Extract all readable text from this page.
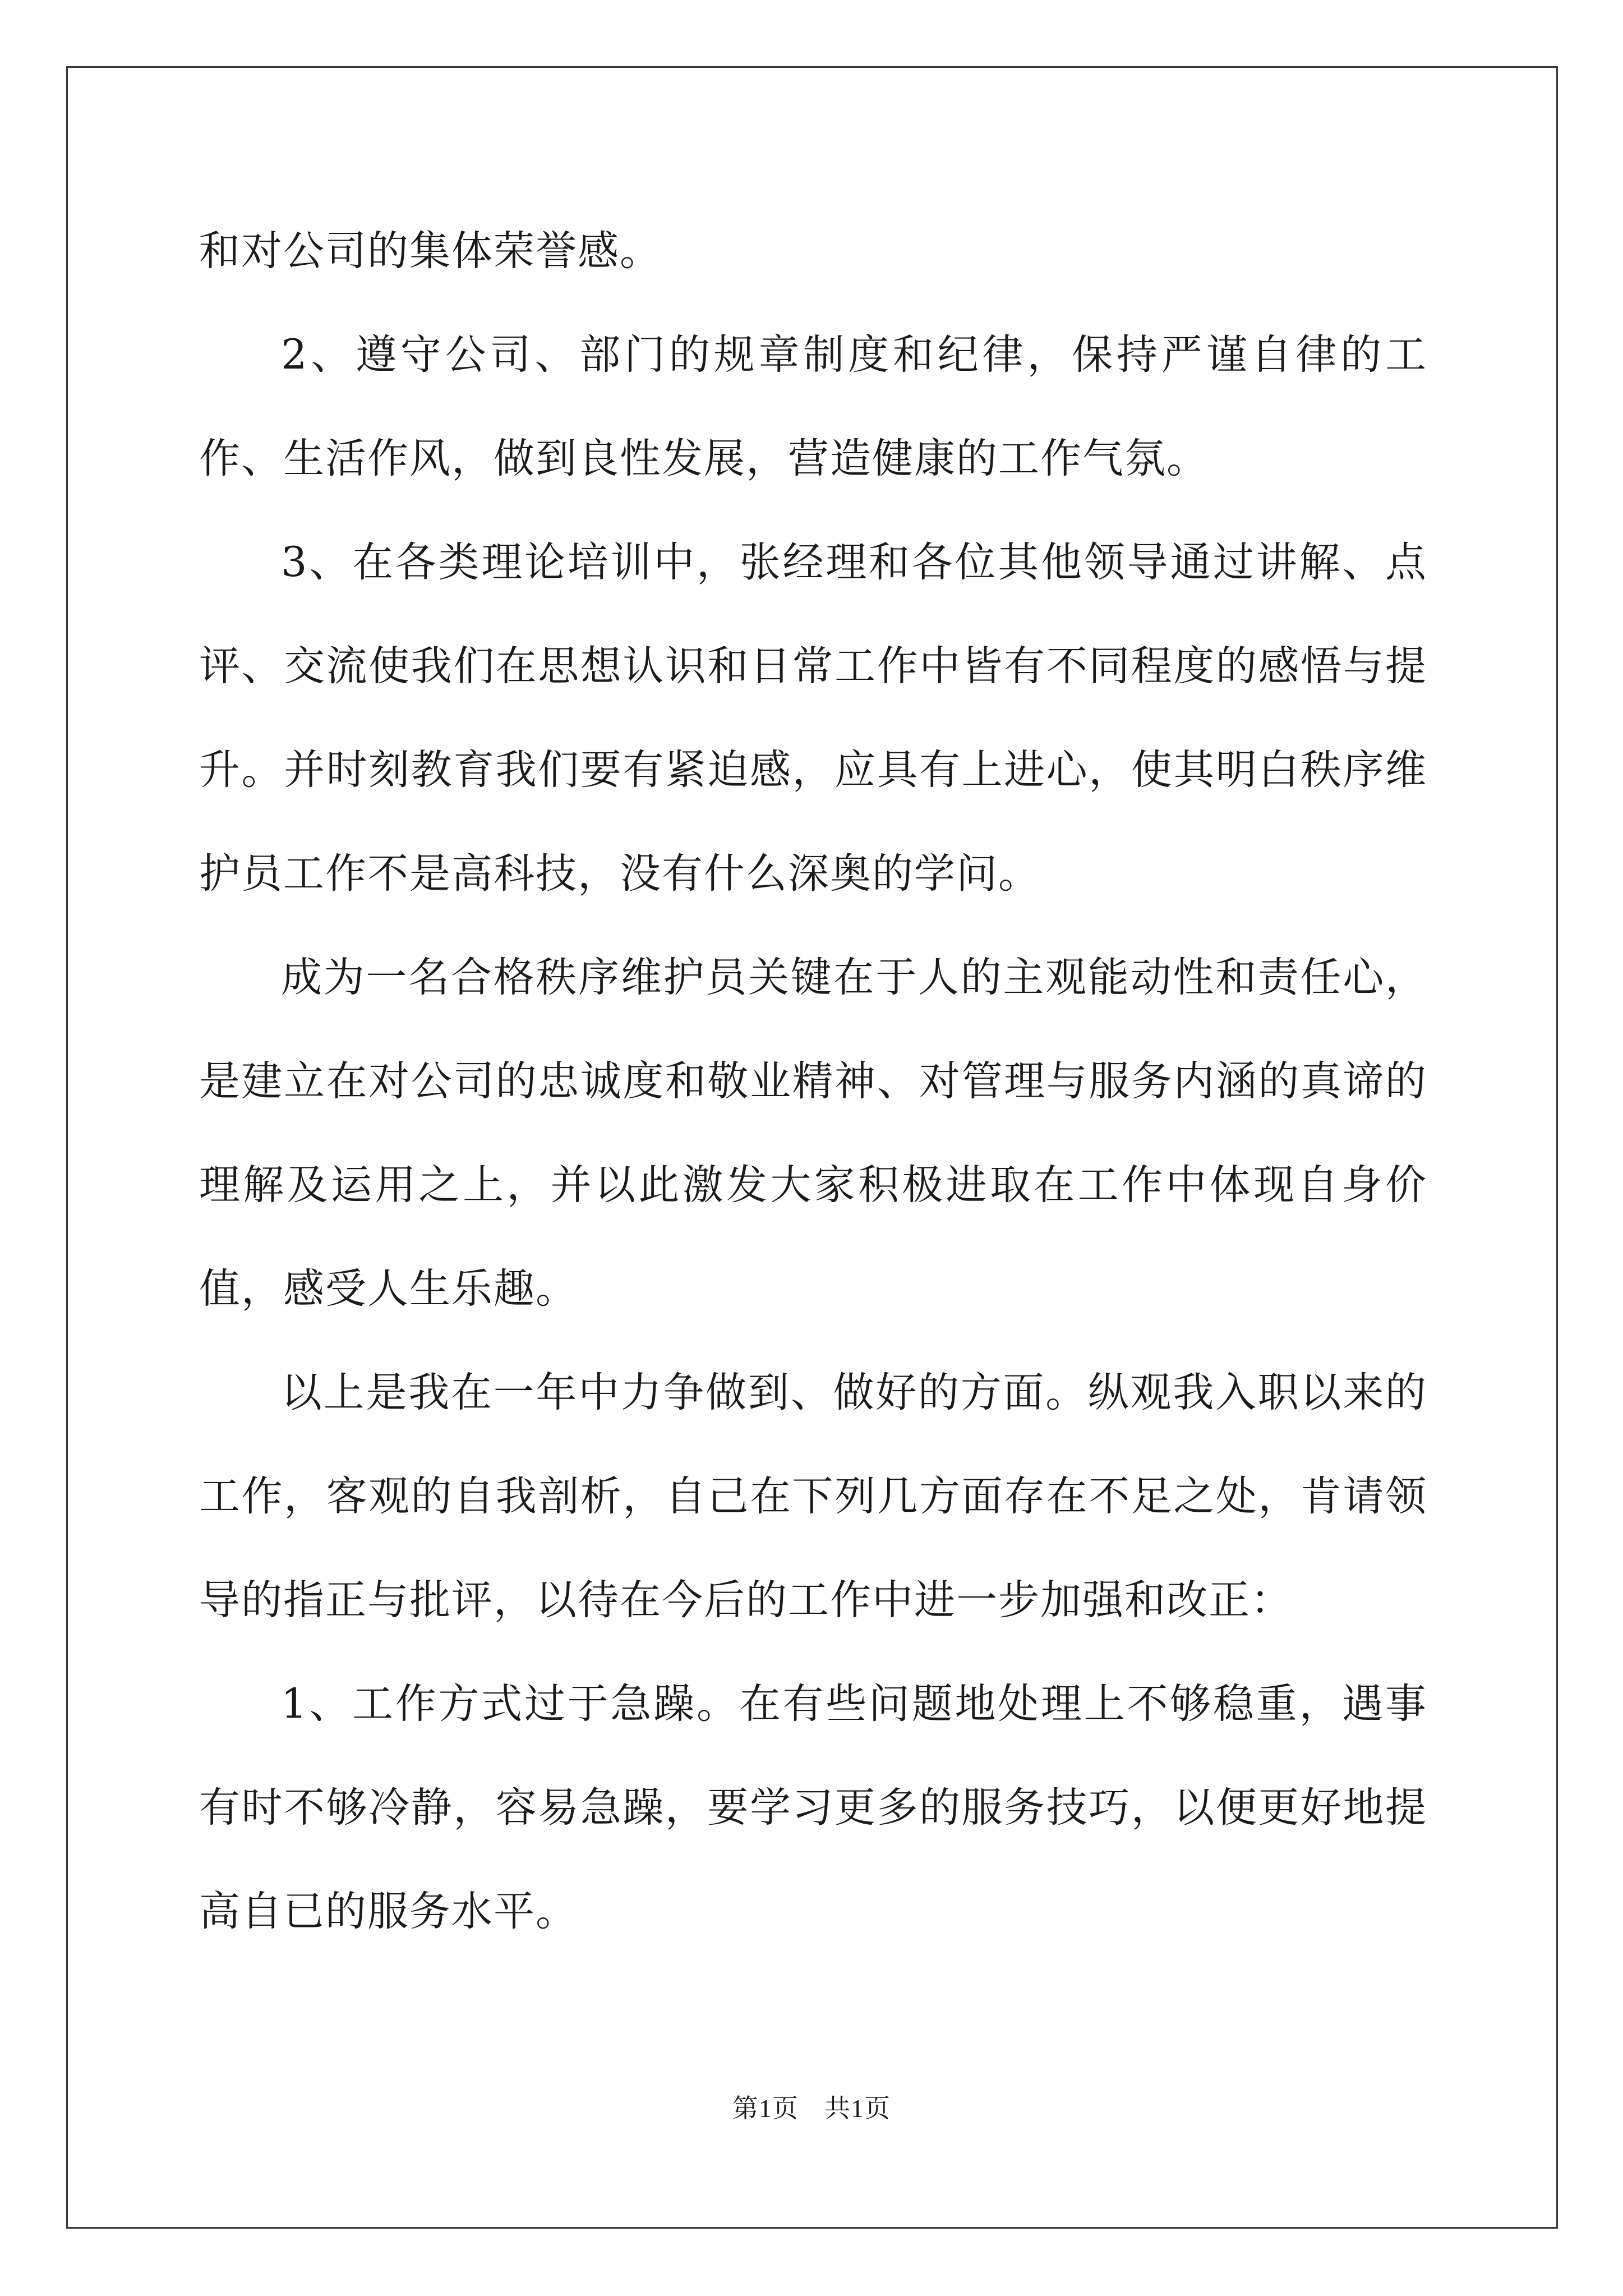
和对公司的集体荣誉感。

2、遵守公司、部门的规章制度和纪律，保持严谨自律的工作、生活作风，做到良性发展，营造健康的工作气氛。

3、在各类理论培训中，张经理和各位其他领导通过讲解、点评、交流使我们在思想认识和日常工作中皆有不同程度的感悟与提升。并时刻教育我们要有紧迫感，应具有上进心，使其明白秩序维护员工作不是高科技，没有什么深奥的学问。

成为一名合格秩序维护员关键在于人的主观能动性和责任心，是建立在对公司的忠诚度和敬业精神、对管理与服务内涵的真谛的理解及运用之上，并以此激发大家积极进取在工作中体现自身价值，感受人生乐趣。

以上是我在一年中力争做到、做好的方面。纵观我入职以来的工作，客观的自我剖析，自己在下列几方面存在不足之处，肯请领导的指正与批评，以待在今后的工作中进一步加强和改正：

1、工作方式过于急躁。在有些问题地处理上不够稳重，遇事有时不够冷静，容易急躁，要学习更多的服务技巧，以便更好地提高自已的服务水平。

第1页 共1页
